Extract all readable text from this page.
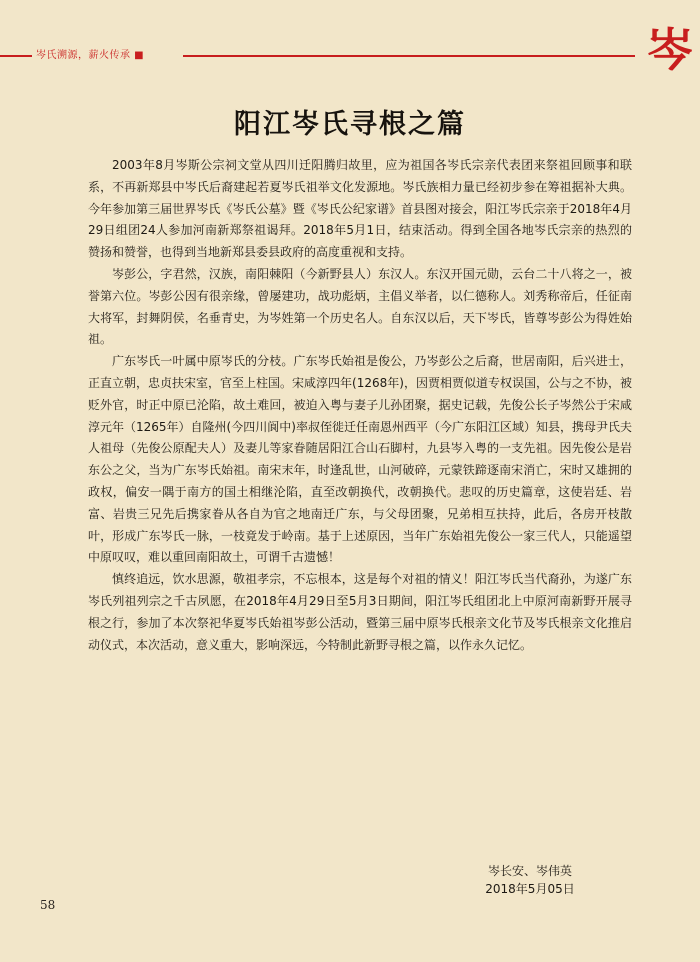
岑氏溯源，薪火传承 ■	岑
阳江岑氏寻根之篇

2003年8月岑斯公宗祠文堂从四川迁阳腾归故里，应为祖国各岑氏宗亲代表团来祭祖回顾事和联系，不再新郑县中岑氏后裔建起若夏岑氏祖举文化发源地。岑氏族相力量已经初步参在筹祖据补大典。今年参加第三届世界岑氏《岑氏公墓》暨《岑氏公纪家谱》首县图对接会，阳江岑氏宗亲于2018年4月29日组团24人参加河南新郑祭祖谒拜。2018年5月1日，结束活动。得到全国各地岑氏宗亲的热烈的赞扬和赞誉，也得到当地新郑县委县政府的高度重视和支持。

岑彭公，字君然，汉族，南阳棘阳（今新野县人）东汉人。东汉开国元勋，云台二十八将之一，被誉第六位。岑彭公因有很亲缘，曾屡建功，战功彪炳，主倡义举者，以仁德称人。刘秀称帝后，任征南大将军，封舞阴侯，名垂青史，为岑姓第一个历史名人。自东汉以后，天下岑氏，皆尊岑彭公为得姓始祖。

广东岑氏一叶属中原岑氏的分枝。广东岑氏始祖是俊公，乃岑彭公之后裔，世居南阳，后兴进士，正直立朝，忠贞扶宋室，官至上柱国。宋咸淳四年(1268年)，因贾相贾似道专权误国，公与之不协，被贬外官，时正中原已沦陷，故土难回，被迫入粤与妻子儿孙团聚，据史记载，先俊公长子岑然公于宋咸淳元年（1265年）自隆州(今四川阆中)率叔侄徙迁任南恩州西平（今广东阳江区域）知县，携母尹氏夫人祖母（先俊公原配夫人）及妻儿等家眷随居阳江合山石脚村，九县岑入粤的一支先祖。因先俊公是岩东公之父，当为广东岑氏始祖。南宋末年，时逢乱世，山河破碎，元蒙铁蹄逐南宋消亡，宋时又雄拥的政权，偏安一隅于南方的国土相继沦陷，直至改朝换代，改朝换代。悲叹的历史篇章，这使岩廷、岩富、岩贵三兄先后携家眷从各自为官之地南迁广东，与父母团聚，兄弟相互扶持，此后，各房开枝散叶，形成广东岑氏一脉，一枝竟发于岭南。基于上述原因，当年广东始祖先俊公一家三代人，只能遥望中原叹叹，难以重回南阳故土，可谓千古遗憾！

慎终追远，饮水思源，敬祖孝宗，不忘根本，这是每个对祖的情义！阳江岑氏当代裔孙，为遂广东岑氏列祖列宗之千古夙愿，在2018年4月29日至5月3日期间，阳江岑氏组团北上中原河南新野开展寻根之行，参加了本次祭祀华夏岑氏始祖岑彭公活动，暨第三届中原岑氏根亲文化节及岑氏根亲文化推启动仪式，本次活动，意义重大，影响深远，今特制此新野寻根之篇，以作永久记忆。

岑长安、岑伟英
2018年5月05日
58
